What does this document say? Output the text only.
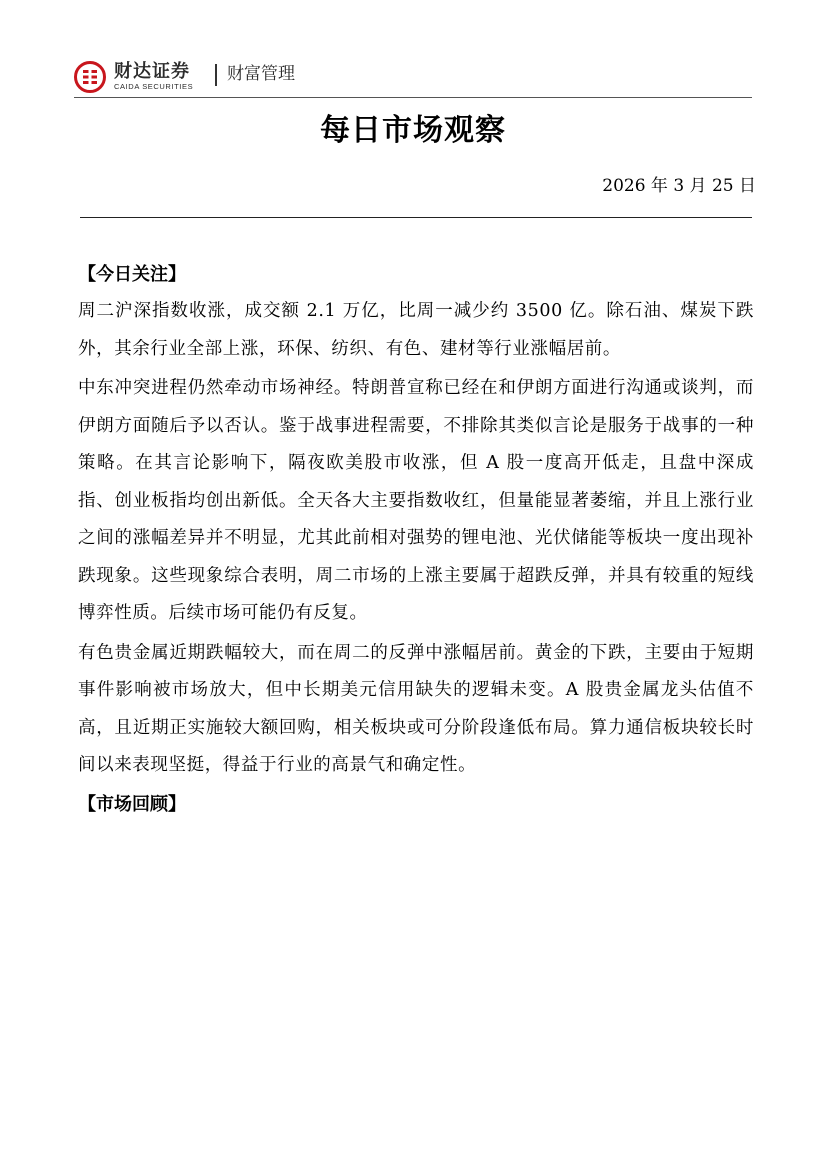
财达证券
CAIDA SECURITIES
财富管理
每日市场观察
2026 年 3 月 25 日

【今日关注】

周二沪深指数收涨，成交额 2.1 万亿，比周一减少约 3500 亿。除石油、煤炭下跌外，其余行业全部上涨，环保、纺织、有色、建材等行业涨幅居前。

中东冲突进程仍然牵动市场神经。特朗普宣称已经在和伊朗方面进行沟通或谈判，而伊朗方面随后予以否认。鉴于战事进程需要，不排除其类似言论是服务于战事的一种策略。在其言论影响下，隔夜欧美股市收涨，但 A 股一度高开低走，且盘中深成指、创业板指均创出新低。全天各大主要指数收红，但量能显著萎缩，并且上涨行业之间的涨幅差异并不明显，尤其此前相对强势的锂电池、光伏储能等板块一度出现补跌现象。这些现象综合表明，周二市场的上涨主要属于超跌反弹，并具有较重的短线博弈性质。后续市场可能仍有反复。

有色贵金属近期跌幅较大，而在周二的反弹中涨幅居前。黄金的下跌，主要由于短期事件影响被市场放大，但中长期美元信用缺失的逻辑未变。A 股贵金属龙头估值不高，且近期正实施较大额回购，相关板块或可分阶段逢低布局。算力通信板块较长时间以来表现坚挺，得益于行业的高景气和确定性。

【市场回顾】
